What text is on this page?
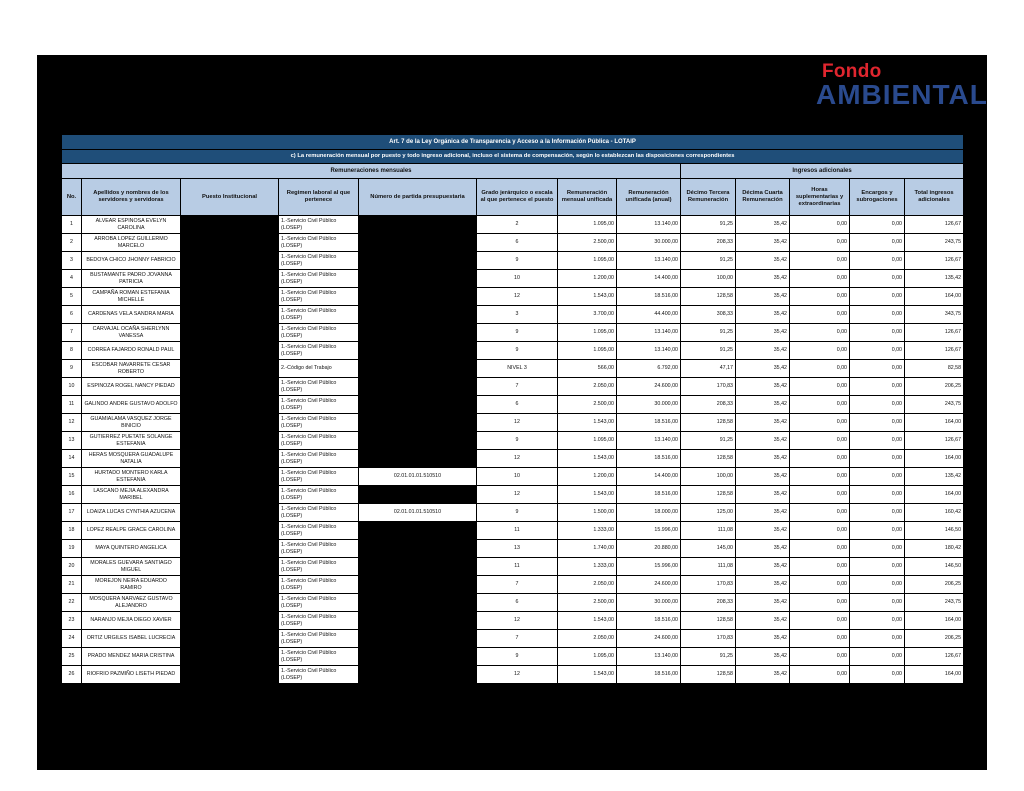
Fondo
AMBIENTAL
Art. 7 de la Ley Orgánica de Transparencia y Acceso a la Información Pública - LOTAIP												
c) La remuneración mensual por puesto y todo ingreso adicional, incluso el sistema de compensación, según lo establezcan las disposiciones correspondientes												
Remuneraciones mensuales								Ingresos adicionales				
No.	Apellidos y nombres de los servidores y servidoras	Puesto Institucional	Regimen laboral al que pertenece	Número de partida presupuestaria	Grado jerárquico o escala al que pertenece el puesto	Remuneración mensual unificada	Remuneración unificada (anual)	Décimo Tercera Remuneración	Décima Cuarta Remuneración	Horas suplementarias y extraordinarias	Encargos y subrogaciones	Total ingresos adicionales
1	ALVEAR ESPINOSA EVELYN CAROLINA		1.-Servicio Civil Público (LOSEP)		2	1.095,00	13.140,00	91,25	35,42	0,00	0,00	126,67
2	ARROBA LOPEZ GUILLERMO MARCELO		1.-Servicio Civil Público (LOSEP)		6	2.500,00	30.000,00	208,33	35,42	0,00	0,00	243,75
3	BEDOYA CHICO JHONNY FABRICIO		1.-Servicio Civil Público (LOSEP)		9	1.095,00	13.140,00	91,25	35,42	0,00	0,00	126,67
4	BUSTAMANTE PADRO JOVANNA PATRICIA		1.-Servicio Civil Público (LOSEP)		10	1.200,00	14.400,00	100,00	35,42	0,00	0,00	135,42
5	CAMPAÑA ROMAN ESTEFANIA MICHELLE		1.-Servicio Civil Público (LOSEP)		12	1.543,00	18.516,00	128,58	35,42	0,00	0,00	164,00
6	CARDENAS VELA SANDRA MARIA		1.-Servicio Civil Público (LOSEP)		3	3.700,00	44.400,00	308,33	35,42	0,00	0,00	343,75
7	CARVAJAL OCAÑA SHERLYNN VANESSA		1.-Servicio Civil Público (LOSEP)		9	1.095,00	13.140,00	91,25	35,42	0,00	0,00	126,67
8	CORREA FAJARDO RONALD PAUL		1.-Servicio Civil Público (LOSEP)		9	1.095,00	13.140,00	91,25	35,42	0,00	0,00	126,67
9	ESCOBAR NAVARRETE CESAR ROBERTO		2.-Código del Trabajo		NIVEL 3	566,00	6.792,00	47,17	35,42	0,00	0,00	82,58
10	ESPINOZA ROGEL NANCY PIEDAD		1.-Servicio Civil Público (LOSEP)		7	2.050,00	24.600,00	170,83	35,42	0,00	0,00	206,25
11	GALINDO ANDRE GUSTAVO ADOLFO		1.-Servicio Civil Público (LOSEP)		6	2.500,00	30.000,00	208,33	35,42	0,00	0,00	243,75
12	GUAMIALAMA VASQUEZ JORGE BINICIO		1.-Servicio Civil Público (LOSEP)		12	1.543,00	18.516,00	128,58	35,42	0,00	0,00	164,00
13	GUTIERREZ PUETATE SOLANGE ESTEFANIA		1.-Servicio Civil Público (LOSEP)		9	1.095,00	13.140,00	91,25	35,42	0,00	0,00	126,67
14	HERAS MOSQUERA GUADALUPE NATALIA		1.-Servicio Civil Público (LOSEP)		12	1.543,00	18.516,00	128,58	35,42	0,00	0,00	164,00
15	HURTADO MONTERO KARLA ESTEFANIA		1.-Servicio Civil Público (LOSEP)	02.01.01.01.510510	10	1.200,00	14.400,00	100,00	35,42	0,00	0,00	135,42
16	LASCANO MEJIA ALEXANDRA MARIBEL		1.-Servicio Civil Público (LOSEP)		12	1.543,00	18.516,00	128,58	35,42	0,00	0,00	164,00
17	LOAIZA LUCAS CYNTHIA AZUCENA		1.-Servicio Civil Público (LOSEP)	02.01.01.01.510510	9	1.500,00	18.000,00	125,00	35,42	0,00	0,00	160,42
18	LOPEZ REALPE GRACE CAROLINA		1.-Servicio Civil Público (LOSEP)		11	1.333,00	15.996,00	111,08	35,42	0,00	0,00	146,50
19	MAYA QUINTERO ANGELICA		1.-Servicio Civil Público (LOSEP)		13	1.740,00	20.880,00	145,00	35,42	0,00	0,00	180,42
20	MORALES GUEVARA SANTIAGO MIGUEL		1.-Servicio Civil Público (LOSEP)		11	1.333,00	15.996,00	111,08	35,42	0,00	0,00	146,50
21	MOREJON NEIRA EDUARDO RAMIRO		1.-Servicio Civil Público (LOSEP)		7	2.050,00	24.600,00	170,83	35,42	0,00	0,00	206,25
22	MOSQUERA NARVAEZ GUSTAVO ALEJANDRO		1.-Servicio Civil Público (LOSEP)		6	2.500,00	30.000,00	208,33	35,42	0,00	0,00	243,75
23	NARANJO MEJIA DIEGO XAVIER		1.-Servicio Civil Público (LOSEP)		12	1.543,00	18.516,00	128,58	35,42	0,00	0,00	164,00
24	ORTIZ URGILES ISABEL LUCRECIA		1.-Servicio Civil Público (LOSEP)		7	2.050,00	24.600,00	170,83	35,42	0,00	0,00	206,25
25	PRADO MENDEZ MARIA CRISTINA		1.-Servicio Civil Público (LOSEP)		9	1.095,00	13.140,00	91,25	35,42	0,00	0,00	126,67
26	RIOFRIO PAZMIÑO LISETH PIEDAD		1.-Servicio Civil Público (LOSEP)		12	1.543,00	18.516,00	128,58	35,42	0,00	0,00	164,00
